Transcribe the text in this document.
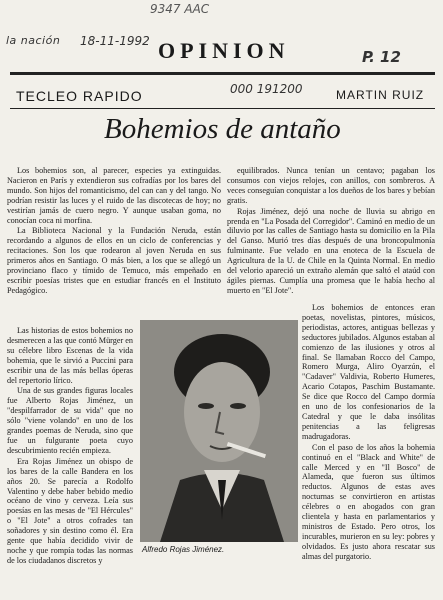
9347 AAC
la nación 18-11-1992
P. 12
000 191200
OPINION
TECLEO RAPIDO	MARTIN RUIZ
Bohemios de antaño

Los bohemios son, al parecer, especies ya extinguidas. Nacieron en París y extendieron sus cofradías por los bares del mundo. Son hijos del romanticismo, del can can y del tango. No podrían resistir las luces y el ruido de las discotecas de hoy; no vestirían jamás de cuero negro. Y aunque usaban goma, no conocían coca ni morfina.

La Biblioteca Nacional y la Fundación Neruda, están recordando a algunos de ellos en un ciclo de conferencias y recitaciones. Son los que rodearon al joven Neruda en sus primeros años en Santiago. O más bien, a los que se allegó un provinciano flaco y tímido de Temuco, más empeñado en escribir poesías tristes que en estudiar francés en el Instituto Pedagógico.

equilibrados. Nunca tenían un centavo; pagaban los consumos con viejos relojes, con anillos, con sombreros. A veces conseguían conquistar a los dueños de los bares y bebían gratis.

Rojas Jiménez, dejó una noche de lluvia su abrigo en prenda en "La Posada del Corregidor". Caminó en medio de un diluvio por las calles de Santiago hasta su domicilio en la Pila del Ganso. Murió tres días después de una broncopulmonía fulminante. Fue velado en una enoteca de la Escuela de Agricultura de la U. de Chile en la Quinta Normal. En medio del velorio apareció un extraño alemán que saltó el ataúd con ágiles piernas. Cumplía una promesa que le había hecho al muerto en "El Jote".

Las historias de estos bohemios no desmerecen a las que contó Mürger en su célebre libro Escenas de la vida bohemia, que le sirvió a Puccini para escribir una de las más bellas óperas del repertorio lírico.

Una de sus grandes figuras locales fue Alberto Rojas Jiménez, un "despilfarrador de su vida" que no sólo "viene volando" en uno de los grandes poemas de Neruda, sino que fue un fulgurante poeta cuyo descubrimiento recién empieza.

Era Rojas Jiménez un obispo de los bares de la calle Bandera en los años 20. Se parecía a Rodolfo Valentino y debe haber bebido medio océano de vino y cerveza. Leía sus poesías en las mesas de "El Hércules" o "El Jote" a otros cofrades tan soñadores y sin destino como él. Era gente que había decidido vivir de noche y que rompía todas las normas de los ciudadanos discretos y

Los bohemios de entonces eran poetas, novelistas, pintores, músicos, periodistas, actores, antiguas bellezas y seductores jubilados. Algunos estaban al comienzo de las ilusiones y otros al final. Se llamaban Rocco del Campo, Romero Murga, Aliro Oyarzún, el "Cadaver" Valdivia, Roberto Humeres, Acario Cotapos, Paschim Bustamante. Se dice que Rocco del Campo dormía en uno de los confesionarios de la Catedral y que le daba insólitas penitencias a las feligresas madrugadoras.

Con el paso de los años la bohemia continuó en el "Black and White" de calle Merced y en "Il Bosco" de Alameda, que fueron sus últimos reductos. Algunos de estas aves nocturnas se convirtieron en artistas célebres o en abogados con gran clientela y hasta en parlamentarios y ministros de Estado. Pero otros, los incurables, murieron en su ley: pobres y olvidados. Es justo ahora rescatar sus almas del purgatorio.

Alfredo Rojas Jiménez.
